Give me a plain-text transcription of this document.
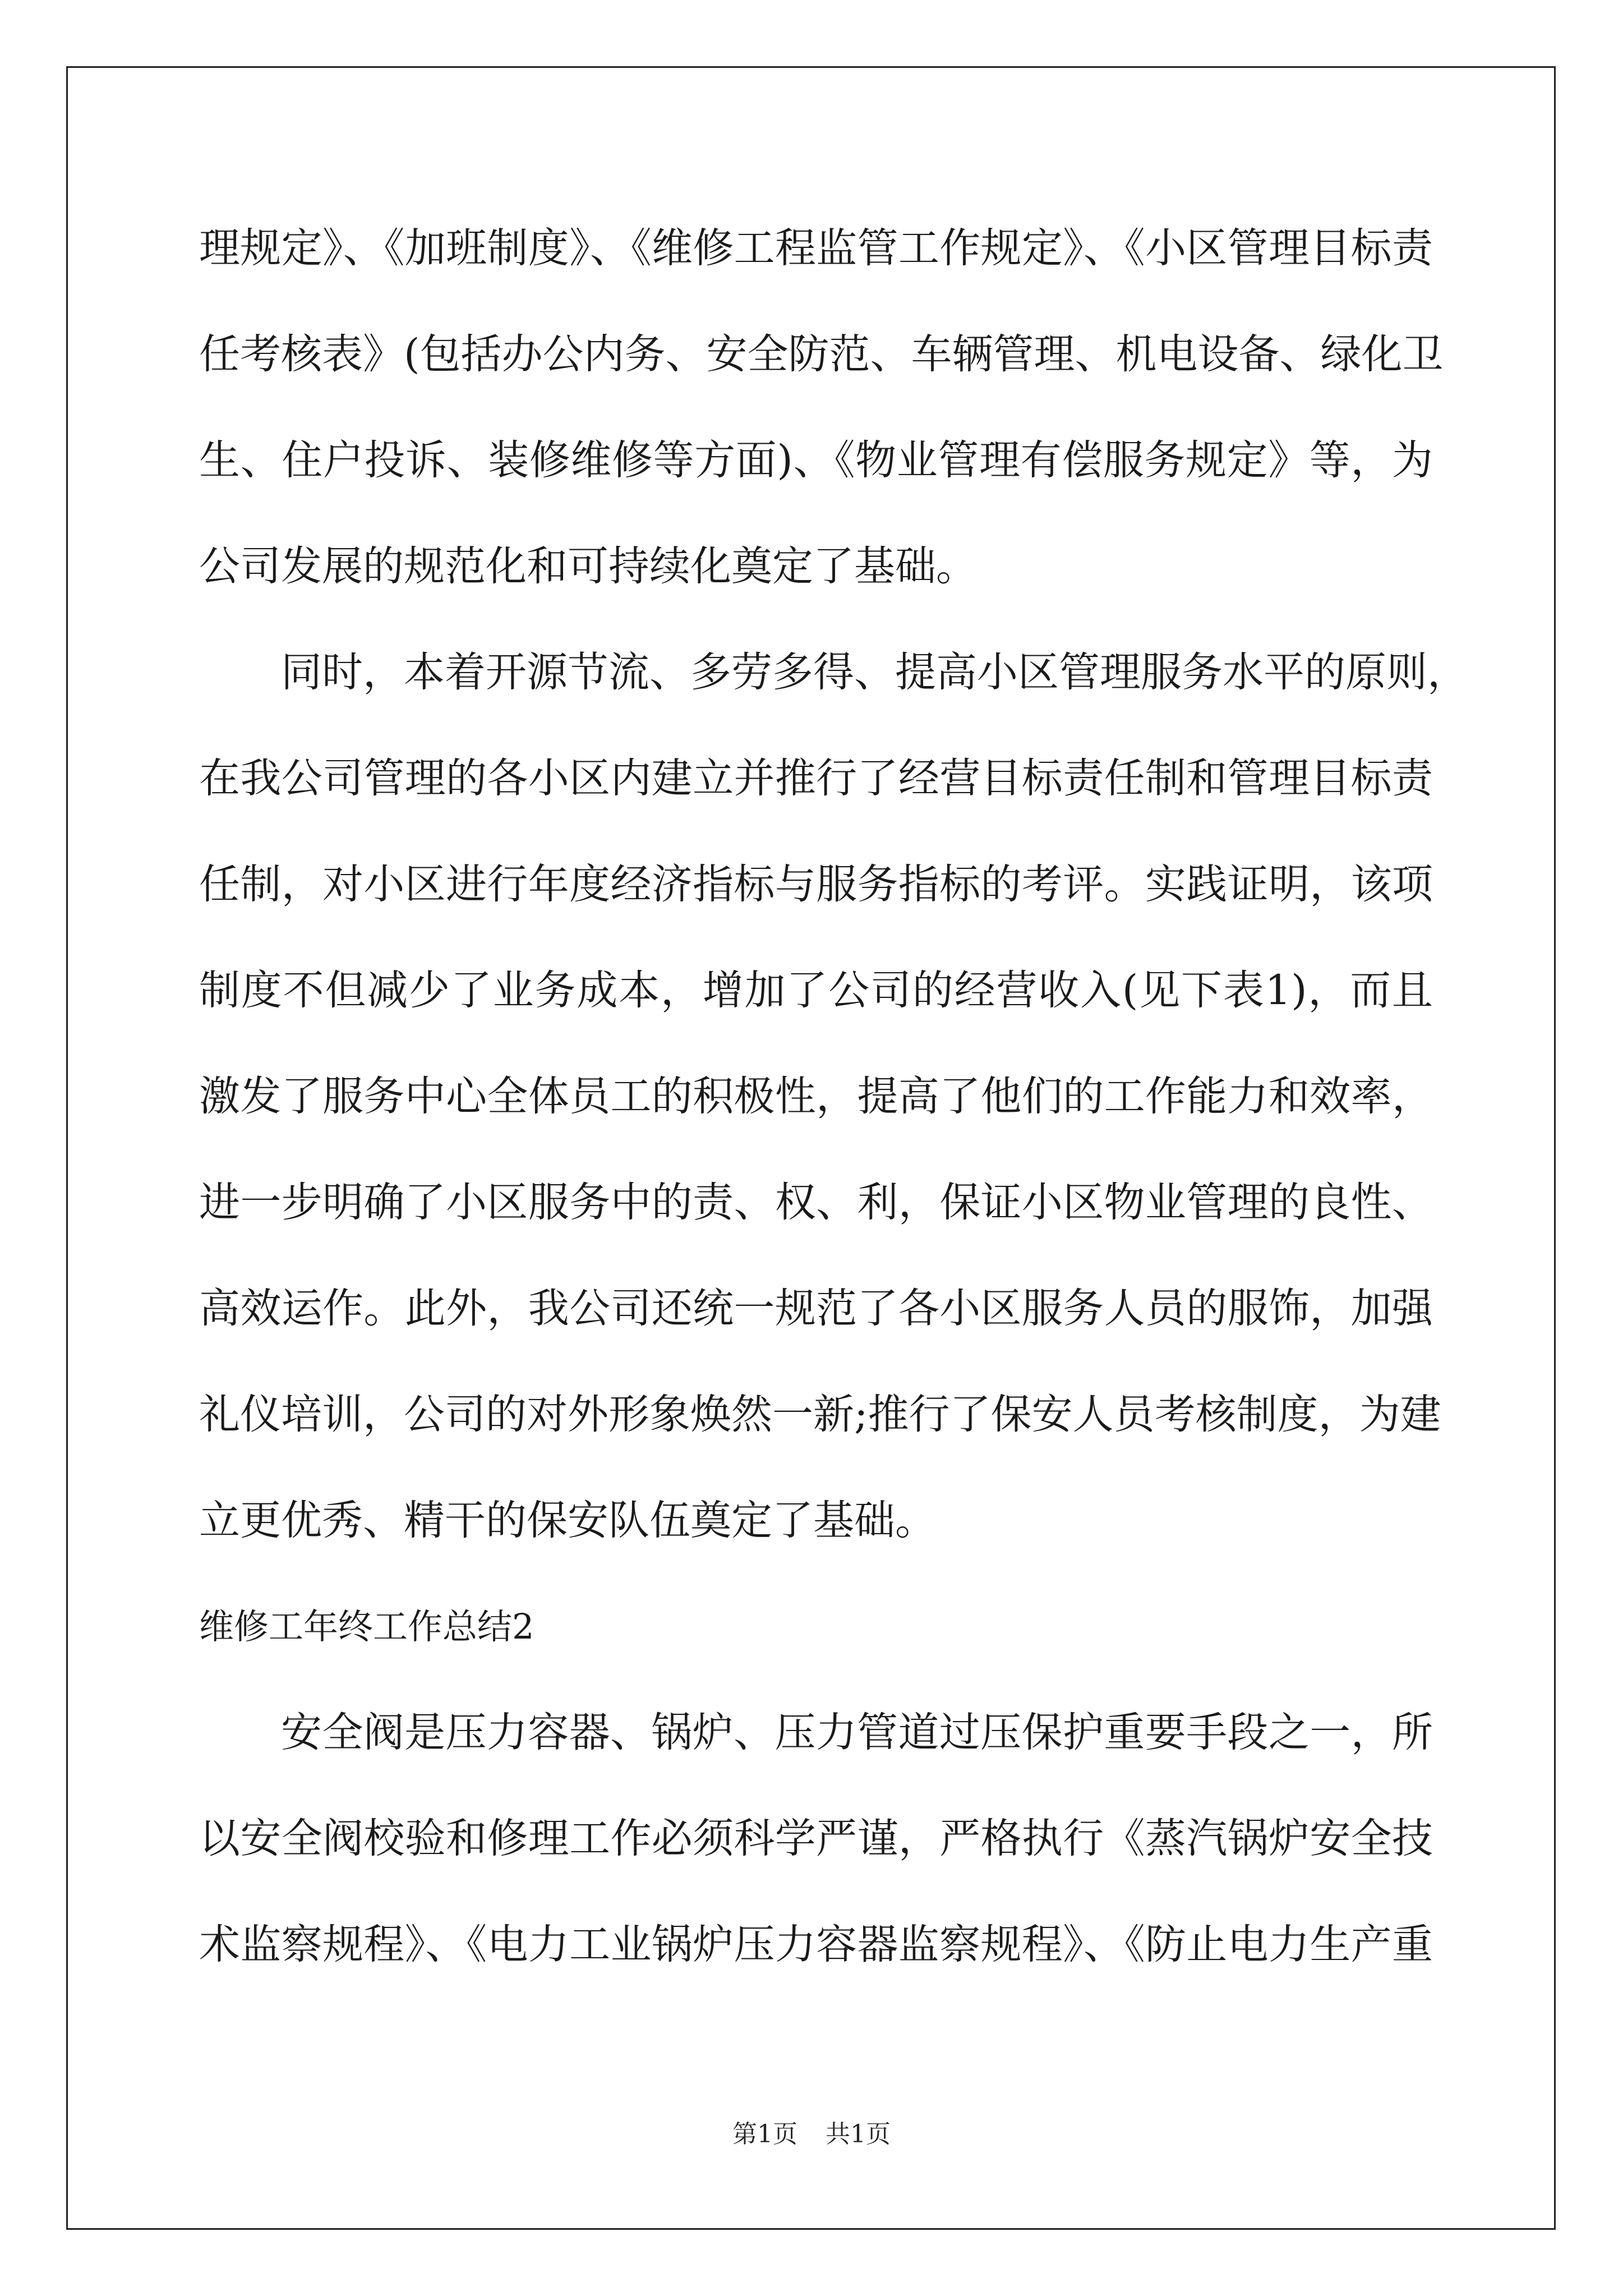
理规定》、《加班制度》、《维修工程监管工作规定》、《小区管理目标责
任考核表》(包括办公内务、安全防范、车辆管理、机电设备、绿化卫
生、住户投诉、装修维修等方面)、《物业管理有偿服务规定》等，为
公司发展的规范化和可持续化奠定了基础。
同时，本着开源节流、多劳多得、提高小区管理服务水平的原则，
在我公司管理的各小区内建立并推行了经营目标责任制和管理目标责
任制，对小区进行年度经济指标与服务指标的考评。实践证明，该项
制度不但减少了业务成本，增加了公司的经营收入(见下表1)，而且
激发了服务中心全体员工的积极性，提高了他们的工作能力和效率，
进一步明确了小区服务中的责、权、利，保证小区物业管理的良性、
高效运作。此外，我公司还统一规范了各小区服务人员的服饰，加强
礼仪培训，公司的对外形象焕然一新;推行了保安人员考核制度，为建
立更优秀、精干的保安队伍奠定了基础。
维修工年终工作总结2
安全阀是压力容器、锅炉、压力管道过压保护重要手段之一，所
以安全阀校验和修理工作必须科学严谨，严格执行《蒸汽锅炉安全技
术监察规程》、《电力工业锅炉压力容器监察规程》、《防止电力生产重
第1页 共1页
